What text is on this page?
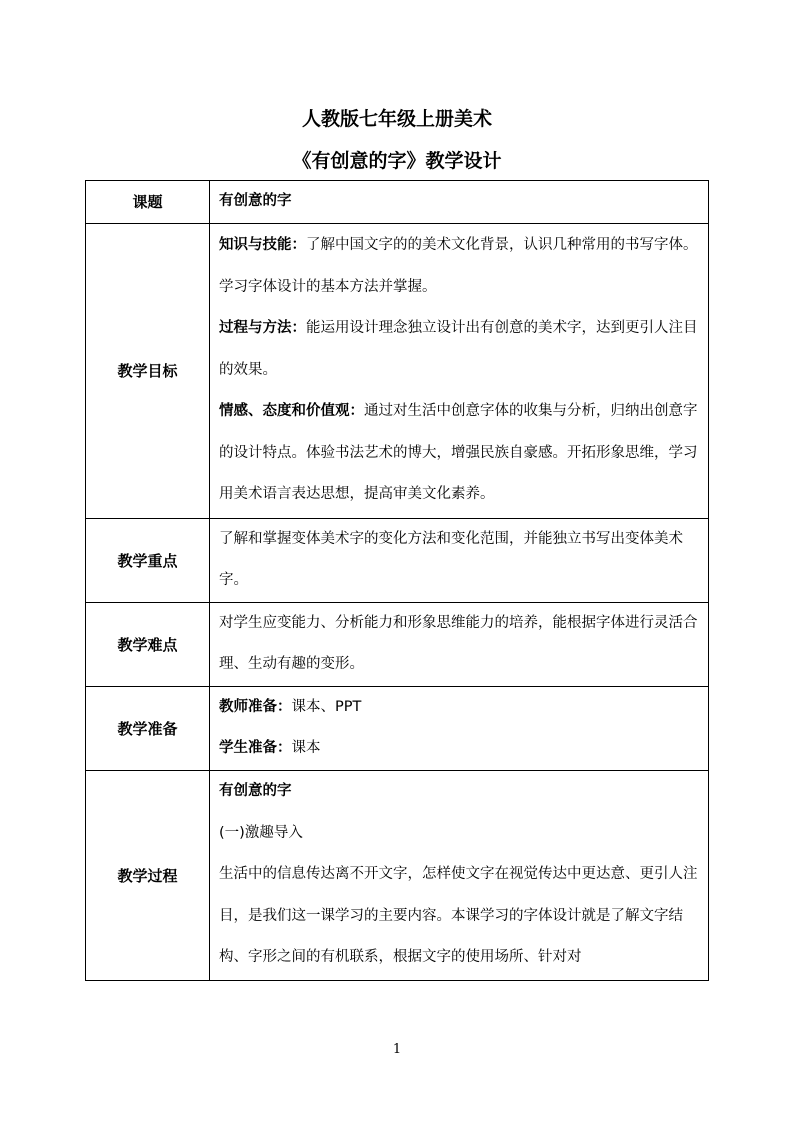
人教版七年级上册美术
《有创意的字》教学设计
课题	有创意的字
教学目标	知识与技能：了解中国文字的的美术文化背景，认识几种常用的书写字体。学习字体设计的基本方法并掌握。

过程与方法：能运用设计理念独立设计出有创意的美术字，达到更引人注目的效果。

情感、态度和价值观：通过对生活中创意字体的收集与分析，归纳出创意字的设计特点。体验书法艺术的博大，增强民族自豪感。开拓形象思维，学习用美术语言表达思想，提高审美文化素养。

教学重点	了解和掌握变体美术字的变化方法和变化范围，并能独立书写出变体美术字。
教学难点	对学生应变能力、分析能力和形象思维能力的培养，能根据字体进行灵活合理、生动有趣的变形。
教学准备	教师准备：课本、PPT

学生准备：课本

教学过程	有创意的字

(一)激趣导入

生活中的信息传达离不开文字，怎样使文字在视觉传达中更达意、更引人注目，是我们这一课学习的主要内容。本课学习的字体设计就是了解文字结构、字形之间的有机联系，根据文字的使用场所、针对对

1
